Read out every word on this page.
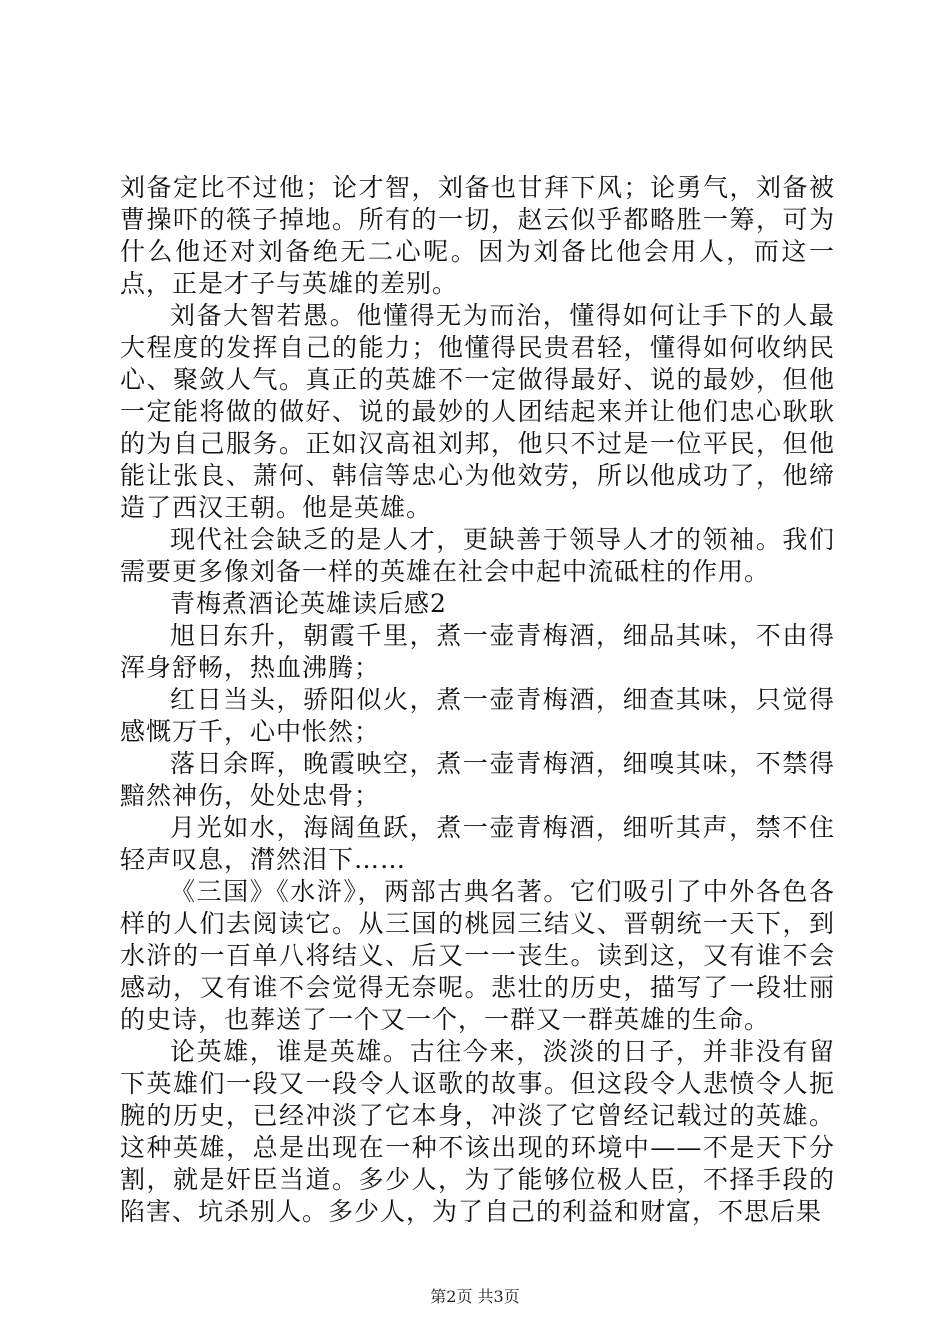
刘备定比不过他；论才智，刘备也甘拜下风；论勇气，刘备被曹操吓的筷子掉地。所有的一切，赵云似乎都略胜一筹，可为什么他还对刘备绝无二心呢。因为刘备比他会用人，而这一点，正是才子与英雄的差别。

刘备大智若愚。他懂得无为而治，懂得如何让手下的人最大程度的发挥自己的能力；他懂得民贵君轻，懂得如何收纳民心、聚敛人气。真正的英雄不一定做得最好、说的最妙，但他一定能将做的做好、说的最妙的人团结起来并让他们忠心耿耿的为自己服务。正如汉高祖刘邦，他只不过是一位平民，但他能让张良、萧何、韩信等忠心为他效劳，所以他成功了，他缔造了西汉王朝。他是英雄。

现代社会缺乏的是人才，更缺善于领导人才的领袖。我们需要更多像刘备一样的英雄在社会中起中流砥柱的作用。

青梅煮酒论英雄读后感2

旭日东升，朝霞千里，煮一壶青梅酒，细品其味，不由得浑身舒畅，热血沸腾；

红日当头，骄阳似火，煮一壶青梅酒，细查其味，只觉得感慨万千，心中怅然；

落日余晖，晚霞映空，煮一壶青梅酒，细嗅其味，不禁得黯然神伤，处处忠骨；

月光如水，海阔鱼跃，煮一壶青梅酒，细听其声，禁不住轻声叹息，潸然泪下……

《三国》《水浒》，两部古典名著。它们吸引了中外各色各样的人们去阅读它。从三国的桃园三结义、晋朝统一天下，到水浒的一百单八将结义、后又一一丧生。读到这，又有谁不会感动，又有谁不会觉得无奈呢。悲壮的历史，描写了一段壮丽的史诗，也葬送了一个又一个，一群又一群英雄的生命。

论英雄，谁是英雄。古往今来，淡淡的日子，并非没有留下英雄们一段又一段令人讴歌的故事。但这段令人悲愤令人扼腕的历史，已经冲淡了它本身，冲淡了它曾经记载过的英雄。这种英雄，总是出现在一种不该出现的环境中——不是天下分割，就是奸臣当道。多少人，为了能够位极人臣，不择手段的陷害、坑杀别人。多少人，为了自己的利益和财富，不思后果

第2页 共3页
